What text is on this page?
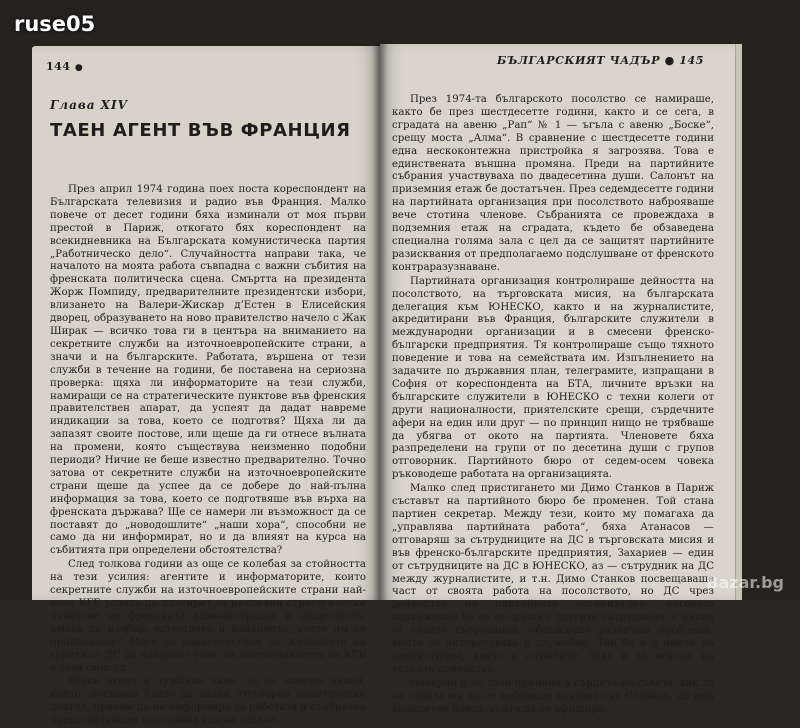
ruse05
144 ●
Глава XIV
ТАЕН АГЕНТ ВЪВ ФРАНЦИЯ

През април 1974 година поех поста кореспондент на Българската телевизия и радио във Франция. Малко повече от десет години бяха изминали от моя първи престой в Париж, откогато бях кореспондент на всекидневника на Българската комунистическа партия „Работническо дело“. Случайността направи така, че началото на моята работа съвпадна с важни събития на френската политическа сцена. Смъртта на президента Жорж Помпиду, предварителните президентски избори, влизането на Валери-Жискар д’Естен в Елисейския дворец, образуването на ново правителство начело с Жак Ширак — всичко това ги в центъра на вниманието на секретните служби на източноевропейските страни, а значи и на българските. Работата, вършена от тези служби в течение на години, бе поставена на сериозна проверка: щяха ли информаторите на тези служби, намиращи се на стратегическите пунктове във френския правителствен апарат, да успеят да дадат навреме индикации за това, което се подготвя? Щяха ли да запазят своите постове, или щеше да ги отнесе вълната на промени, която съществува неизменно подобни периоди? Ничие не беше известно предварително. Точно затова от секретните служби на източноевропейските страни щеше да успее да се добере до най-пълна информация за това, което се подготвяше във върха на френската държава? Ще се намери ли възможност да се поставят до „новодошлите“ „наши хора“, способни не само да ни информират, но и да влияят на курса на събитията при определени обстоятелства?

След толкова години аз още се колебая за стойността на тези усилия: агентите и информаторите, които секретните служби на източноевропейските страни най-вече КГБ успяха да пласират за различни стратегически пунктове на френската администрация и обществото, имаха ли изобщо естеството и влиянието, което им се приписваше? Мога да свидетелствам за желанието на хората от ДС да направят това, за настойчивостта на КГБ в този смисъл.

Всеки агент в чужбина знае, че се намери някой, който, поставен близо до даден отговорен политически деятел, приеме да ни информира за работата и съобразно представляваше постоянна важна задача.

БЪЛГАРСКИЯТ ЧАДЪР ● 145

През 1974-та българското посолство се намираше, както бе през шестдесетте години, както и се сега, в сградата на авеню „Рап“ № 1 — ъгъла с авеню „Боске“, срещу моста „Алма“. В сравнение с шестдесетте години една нескоконтежна пристройка я загрозява. Това е единствената външна промяна. Преди на партийните събрания участвуваха по двадесетина души. Салонът на приземния етаж бе достатъчен. През седемдесетте години на партийната организация при посолството наброяваше вече стотина членове. Събранията се провеждаха в подземния етаж на сградата, където бе обзаведена специална голяма зала с цел да се защитят партийните разисквания от предполагаемо подслушване от френското контраразузнаване.

Партийната организация контролираше дейността на посолството, на търговската мисия, на българската делегация към ЮНЕСКО, както и на журналистите, акредитирани във Франция, българските служители в международни организации и в смесени френско-български предприятия. Тя контролираше също тяхното поведение и това на семействата им. Изпълнението на задачите по държавния план, телеграмите, изпращани в София от кореспондента на БТА, личните връзки на българските служители в ЮНЕСКО с техни колеги от други националности, приятелските срещи, сърдечните афери на един или друг — по принцип нищо не трябваше да убягва от окото на партията. Членовете бяха разпределени на групи от по десетина души с групов отговорник. Партийното бюро от седем-осем човека ръководеше работата на организацията.

Малко след пристигането ми Димо Станков в Париж съставът на партийното бюро бе променен. Той стана партиен секретар. Между тези, които му помагаха да „управлява партийната работа“, бяха Атанасов — отговаряш за сътрудниците на ДС в търговската мисия и във френско-българските предприятия, Захариев — един от сътрудниците на ДС в ЮНЕСКО, аз — сътрудник на ДС между журналистите, и т.н. Димо Станков посвещаваше част от своята работа на посолството, но ДС чрез дейността на партийната организация: неговото задължение бе да се среща с другите сътрудници, с някои от своите сътрудници, обсъждаше различни проблеми, които го интересуваха и служебно. Той бе и в името на партиотизма, както и службите, така и за всички на техните семейства.

Навярно и по тази причина в сърцето на съвета, как то на отказа ми да се добиваше контакт със Станков, до има конкретен повод, който да се афишира.

Bazar.bg
